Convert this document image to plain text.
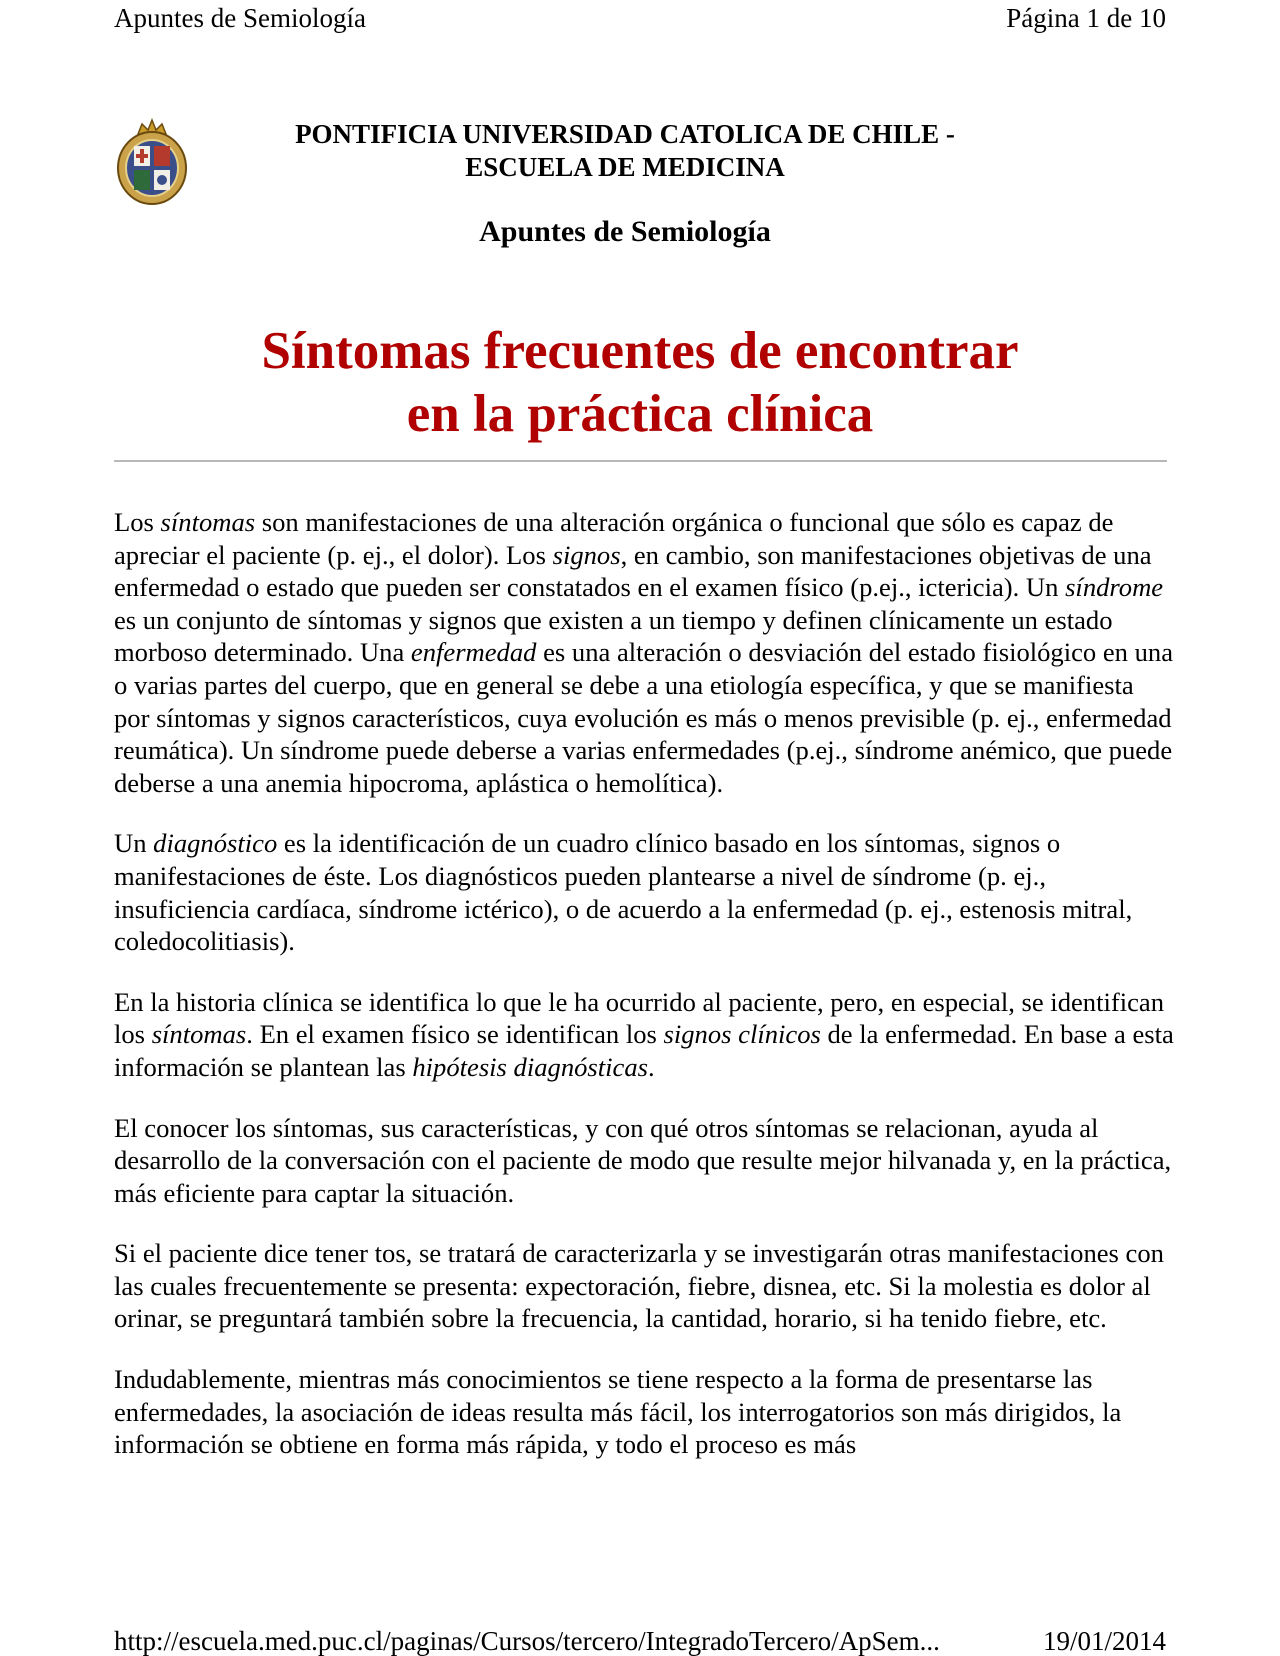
Apuntes de Semiología	Página 1 de 10
PONTIFICIA UNIVERSIDAD CATOLICA DE CHILE -
ESCUELA DE MEDICINA
Apuntes de Semiología
Síntomas frecuentes de encontrar
en la práctica clínica

Los síntomas son manifestaciones de una alteración orgánica o funcional que sólo es capaz de apreciar el paciente (p. ej., el dolor). Los signos, en cambio, son manifestaciones objetivas de una enfermedad o estado que pueden ser constatados en el examen físico (p.ej., ictericia). Un síndrome es un conjunto de síntomas y signos que existen a un tiempo y definen clínicamente un estado morboso determinado. Una enfermedad es una alteración o desviación del estado fisiológico en una o varias partes del cuerpo, que en general se debe a una etiología específica, y que se manifiesta por síntomas y signos característicos, cuya evolución es más o menos previsible (p. ej., enfermedad reumática). Un síndrome puede deberse a varias enfermedades (p.ej., síndrome anémico, que puede deberse a una anemia hipocroma, aplástica o hemolítica).

Un diagnóstico es la identificación de un cuadro clínico basado en los síntomas, signos o manifestaciones de éste. Los diagnósticos pueden plantearse a nivel de síndrome (p. ej., insuficiencia cardíaca, síndrome ictérico), o de acuerdo a la enfermedad (p. ej., estenosis mitral, coledocolitiasis).

En la historia clínica se identifica lo que le ha ocurrido al paciente, pero, en especial, se identifican los síntomas. En el examen físico se identifican los signos clínicos de la enfermedad. En base a esta información se plantean las hipótesis diagnósticas.

El conocer los síntomas, sus características, y con qué otros síntomas se relacionan, ayuda al desarrollo de la conversación con el paciente de modo que resulte mejor hilvanada y, en la práctica, más eficiente para captar la situación.

Si el paciente dice tener tos, se tratará de caracterizarla y se investigarán otras manifestaciones con las cuales frecuentemente se presenta: expectoración, fiebre, disnea, etc. Si la molestia es dolor al orinar, se preguntará también sobre la frecuencia, la cantidad, horario, si ha tenido fiebre, etc.

Indudablemente, mientras más conocimientos se tiene respecto a la forma de presentarse las enfermedades, la asociación de ideas resulta más fácil, los interrogatorios son más dirigidos, la información se obtiene en forma más rápida, y todo el proceso es más

http://escuela.med.puc.cl/paginas/Cursos/tercero/IntegradoTercero/ApSem...	19/01/2014
